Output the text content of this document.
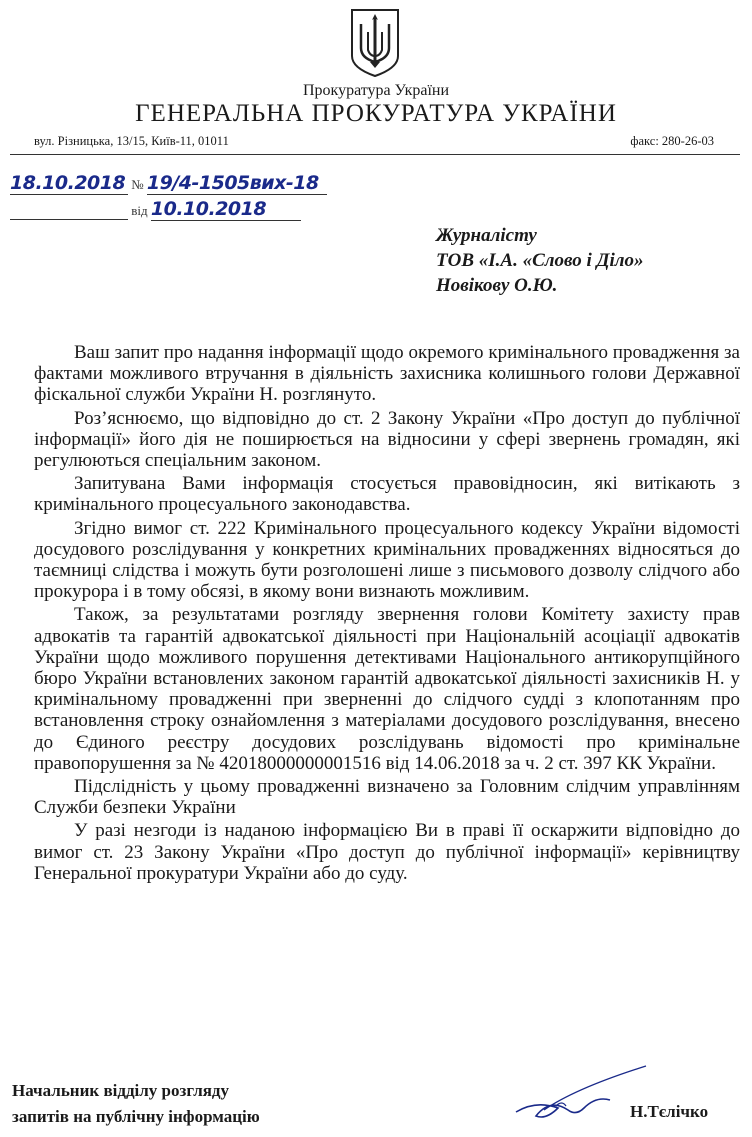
Прокуратура України
ГЕНЕРАЛЬНА ПРОКУРАТУРА УКРАЇНИ
вул. Різницька, 13/15, Київ-11, 01011	факс: 280-26-03
18.10.2018 № 19/4-1505вих-18
від 10.10.2018
Журналісту
ТОВ «І.А. «Слово і Діло»
Новікову О.Ю.

Ваш запит про надання інформації щодо окремого кримінального провадження за фактами можливого втручання в діяльність захисника колишнього голови Державної фіскальної служби України Н. розглянуто.

Роз’яснюємо, що відповідно до ст. 2 Закону України «Про доступ до публічної інформації» його дія не поширюється на відносини у сфері звернень громадян, які регулюються спеціальним законом.

Запитувана Вами інформація стосується правовідносин, які витікають з кримінального процесуального законодавства.

Згідно вимог ст. 222 Кримінального процесуального кодексу України відомості досудового розслідування у конкретних кримінальних провадженнях відносяться до таємниці слідства і можуть бути розголошені лише з письмового дозволу слідчого або прокурора і в тому обсязі, в якому вони визнають можливим.

Також, за результатами розгляду звернення голови Комітету захисту прав адвокатів та гарантій адвокатської діяльності при Національній асоціації адвокатів України щодо можливого порушення детективами Національного антикорупційного бюро України встановлених законом гарантій адвокатської діяльності захисників Н. у кримінальному провадженні при зверненні до слідчого судді з клопотанням про встановлення строку ознайомлення з матеріалами досудового розслідування, внесено до Єдиного реєстру досудових розслідувань відомості про кримінальне правопорушення за № 42018000000001516 від 14.06.2018 за ч. 2 ст. 397 КК України.

Підслідність у цьому провадженні визначено за Головним слідчим управлінням Служби безпеки України

У разі незгоди із наданою інформацією Ви в праві її оскаржити відповідно до вимог ст. 23 Закону України «Про доступ до публічної інформації» керівництву Генеральної прокуратури України або до суду.

Начальник відділу розгляду
запитів на публічну інформацію	Н.Тєлічко
